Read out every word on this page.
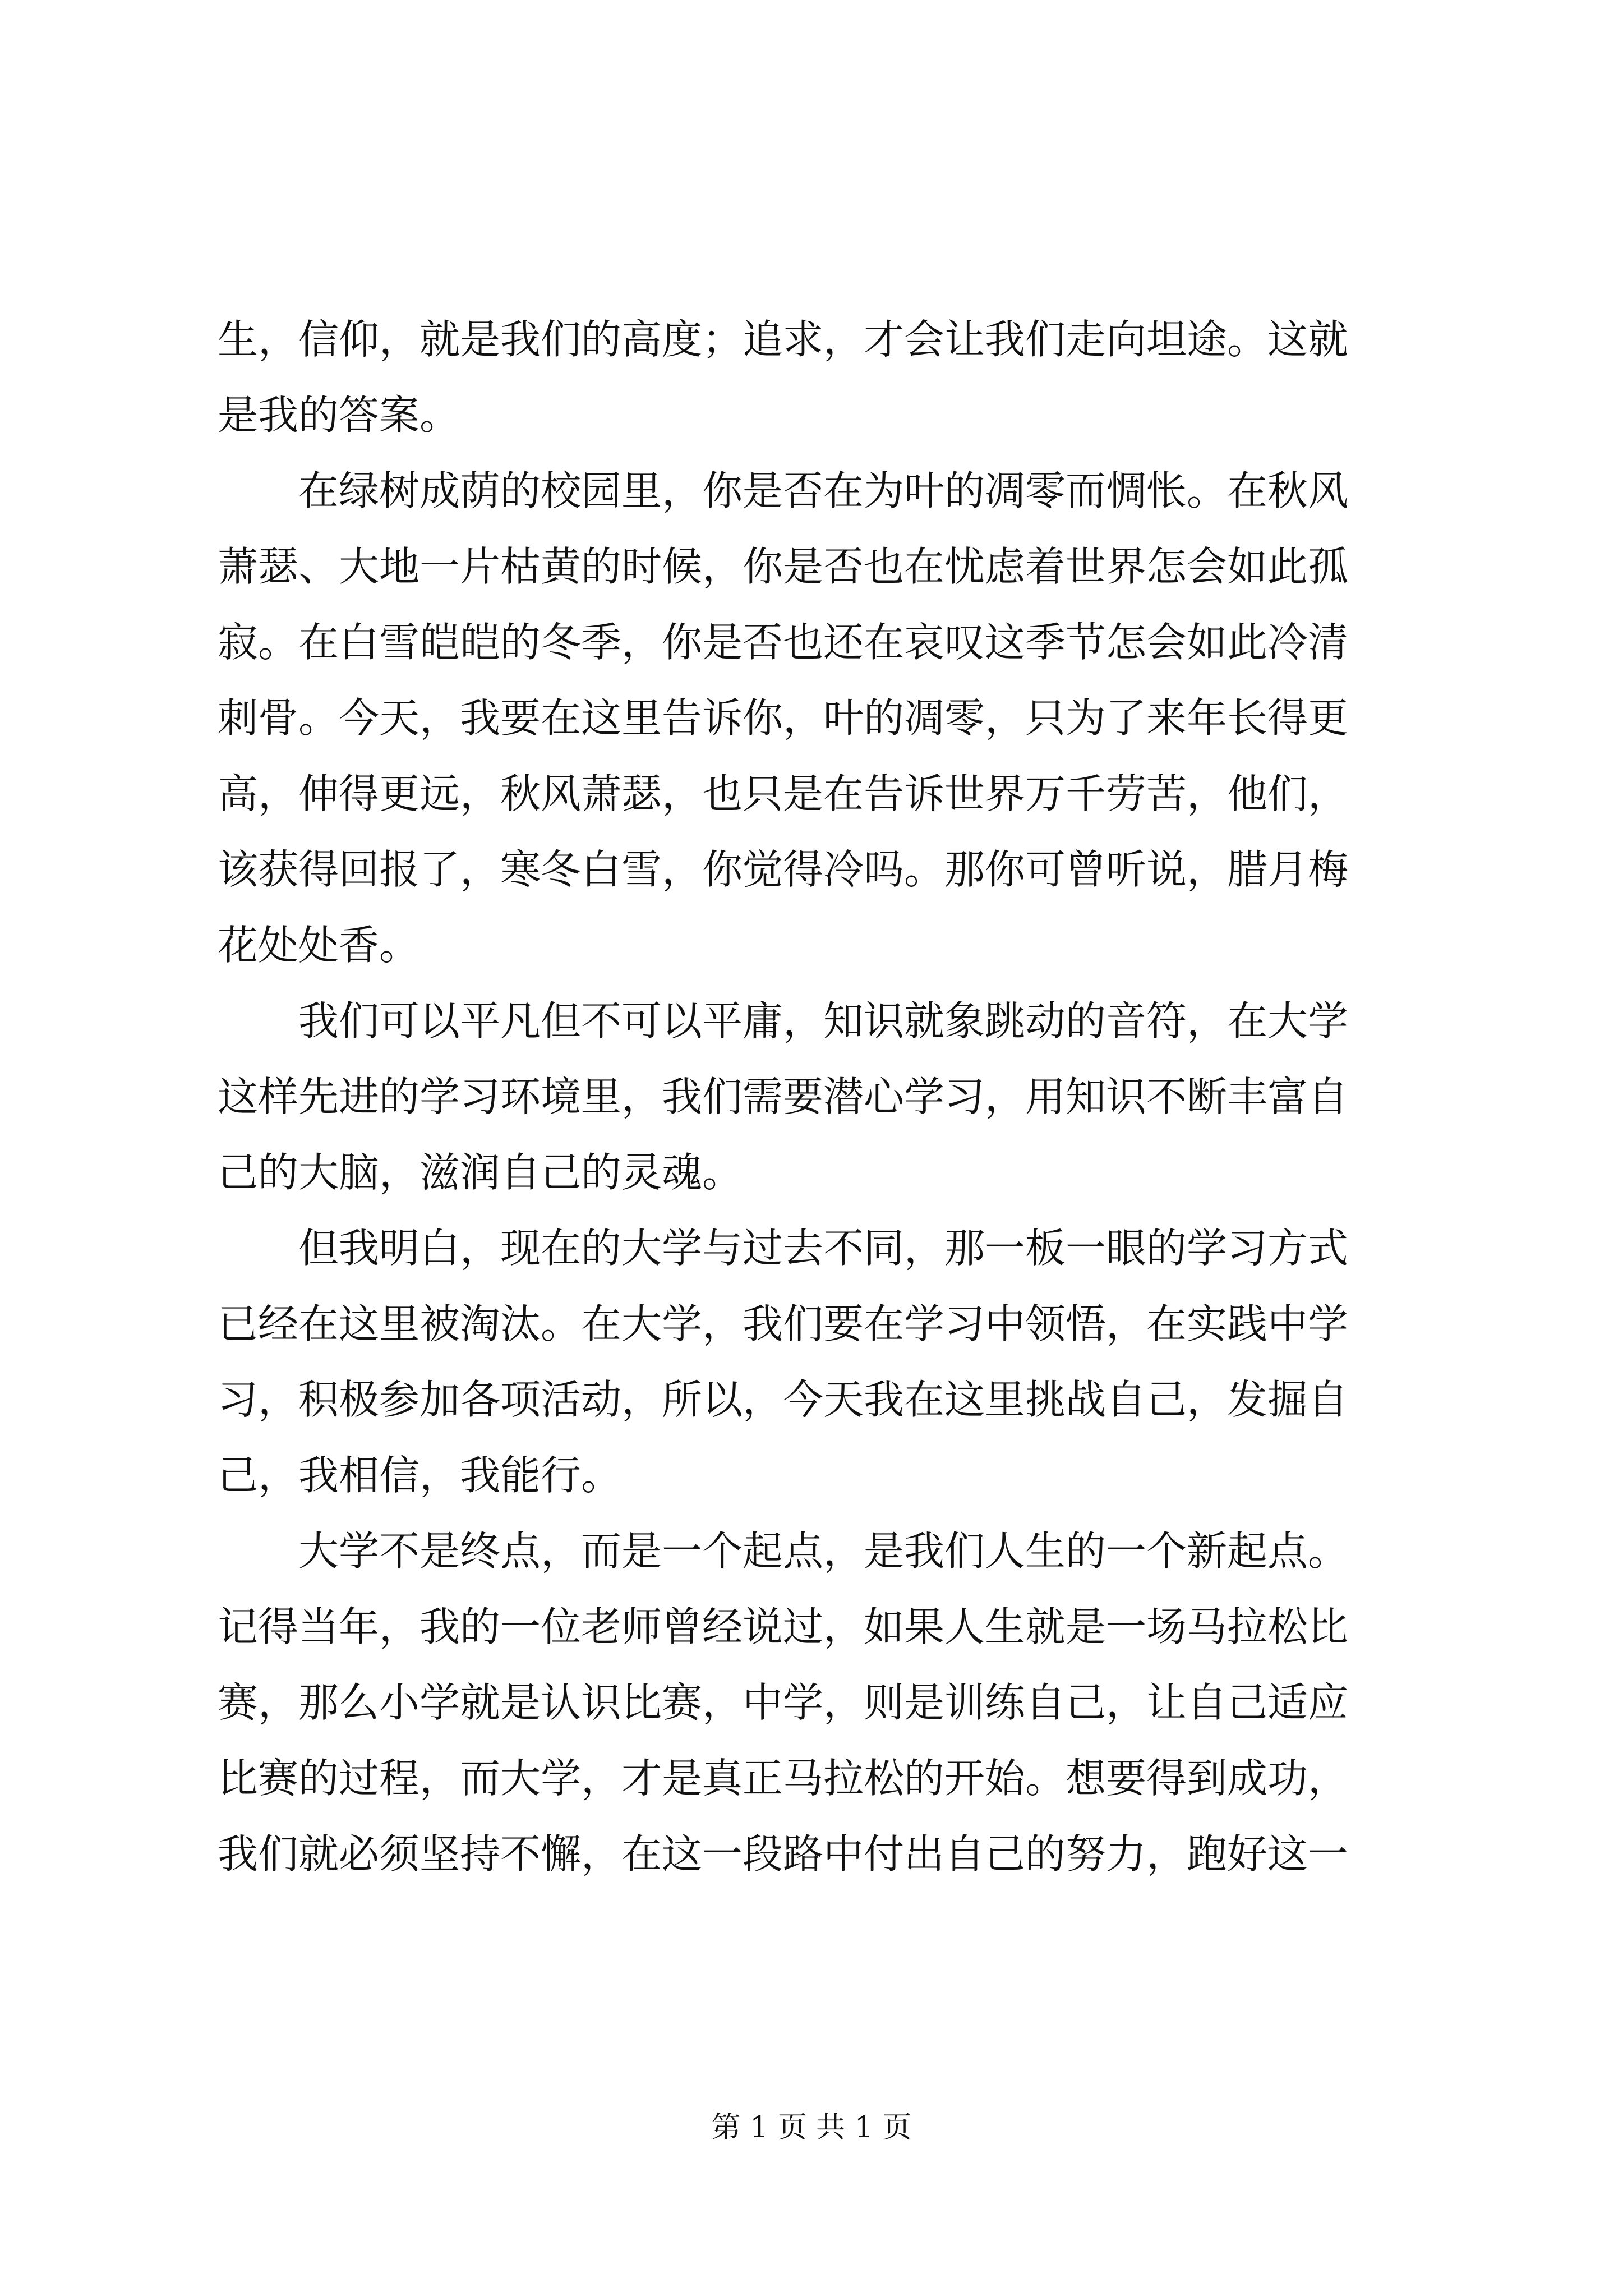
生，信仰，就是我们的高度；追求，才会让我们走向坦途。这就
是我的答案。
在绿树成荫的校园里，你是否在为叶的凋零而惆怅。在秋风
萧瑟、大地一片枯黄的时候，你是否也在忧虑着世界怎会如此孤
寂。在白雪皑皑的冬季，你是否也还在哀叹这季节怎会如此冷清
刺骨。今天，我要在这里告诉你，叶的凋零，只为了来年长得更
高，伸得更远，秋风萧瑟，也只是在告诉世界万千劳苦，他们，
该获得回报了，寒冬白雪，你觉得冷吗。那你可曾听说，腊月梅
花处处香。
我们可以平凡但不可以平庸，知识就象跳动的音符，在大学
这样先进的学习环境里，我们需要潜心学习，用知识不断丰富自
己的大脑，滋润自己的灵魂。
但我明白，现在的大学与过去不同，那一板一眼的学习方式
已经在这里被淘汰。在大学，我们要在学习中领悟，在实践中学
习，积极参加各项活动，所以，今天我在这里挑战自己，发掘自
己，我相信，我能行。
大学不是终点，而是一个起点，是我们人生的一个新起点。
记得当年，我的一位老师曾经说过，如果人生就是一场马拉松比
赛，那么小学就是认识比赛，中学，则是训练自己，让自己适应
比赛的过程，而大学，才是真正马拉松的开始。想要得到成功，
我们就必须坚持不懈，在这一段路中付出自己的努力，跑好这一
第 1 页 共 1 页
